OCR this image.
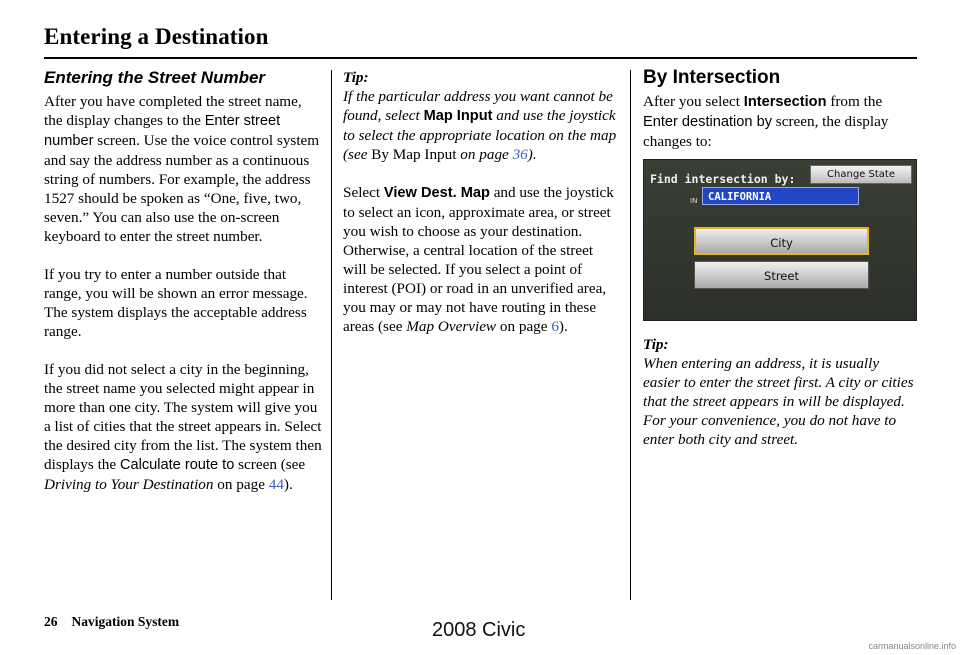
Entering a Destination
Entering the Street Number

After you have completed the street name, the display changes to the Enter street number screen. Use the voice control system and say the address number as a continuous string of numbers. For example, the address 1527 should be spoken as “One, five, two, seven.” You can also use the on-screen keyboard to enter the street number.

If you try to enter a number outside that range, you will be shown an error message. The system displays the acceptable address range.

If you did not select a city in the beginning, the street name you selected might appear in more than one city. The system will give you a list of cities that the street appears in. Select the desired city from the list. The system then displays the Calculate route to screen (see Driving to Your Destination on page 44).

Tip:

If the particular address you want cannot be found, select Map Input and use the joystick to select the appropriate location on the map (see By Map Input on page 36).

Select View Dest. Map and use the joystick to select an icon, approximate area, or street you wish to choose as your destination. Otherwise, a central location of the street will be selected. If you select a point of interest (POI) or road in an unverified area, you may or may not have routing in these areas (see Map Overview on page 6).

By Intersection

After you select Intersection from the Enter destination by screen, the display changes to:

Find intersection by:	Change State
IN	CALIFORNIA
City
Street
Tip:

When entering an address, it is usually easier to enter the street first. A city or cities that the street appears in will be displayed. For your convenience, you do not have to enter both city and street.

26 Navigation System	2008 Civic
carmanualsonline.info
